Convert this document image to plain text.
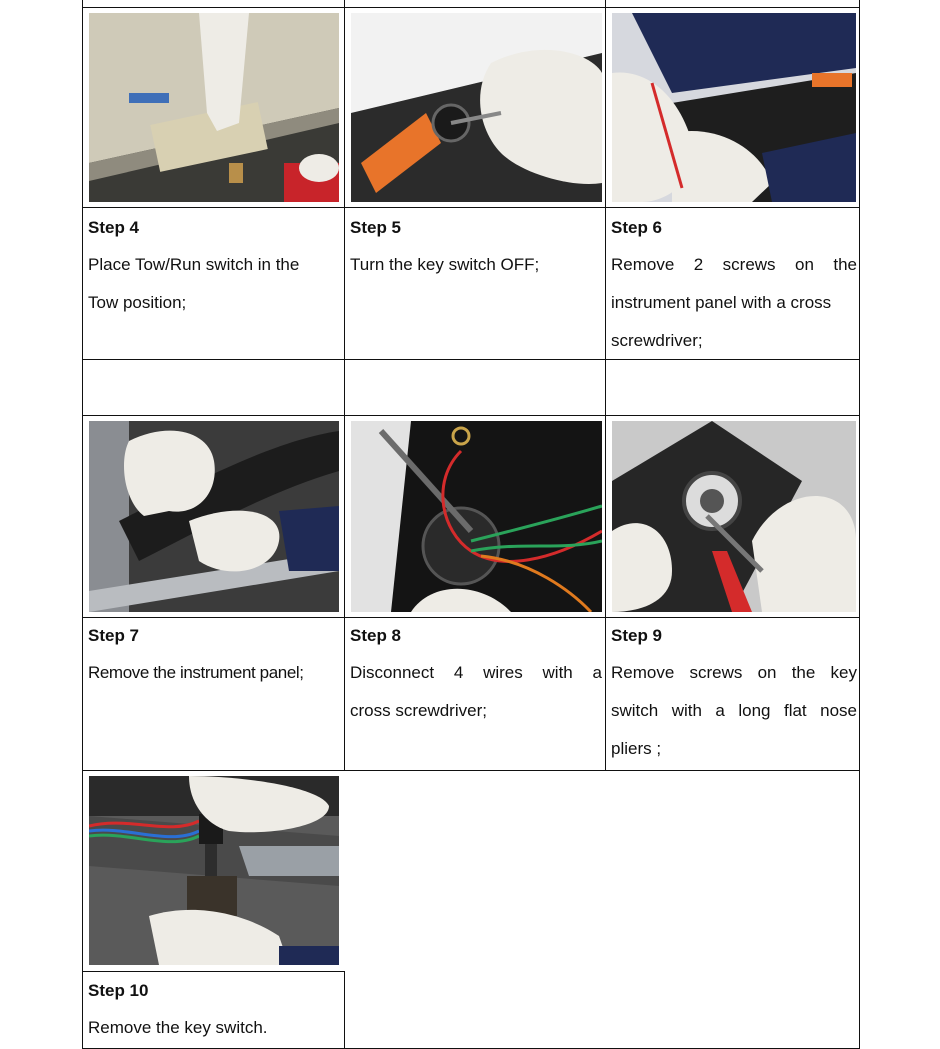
Step 4
Place Tow/Run switch in the
Tow position;
Step 5
Turn the key switch OFF;
Step 6
Remove 2 screws on the
instrument panel with a cross
screwdriver;
Step 7
Remove the instrument panel;
Step 8
Disconnect 4 wires with a
cross screwdriver;
Step 9
Remove screws on the key
switch with a long flat nose
pliers ;
Step 10
Remove the key switch.
